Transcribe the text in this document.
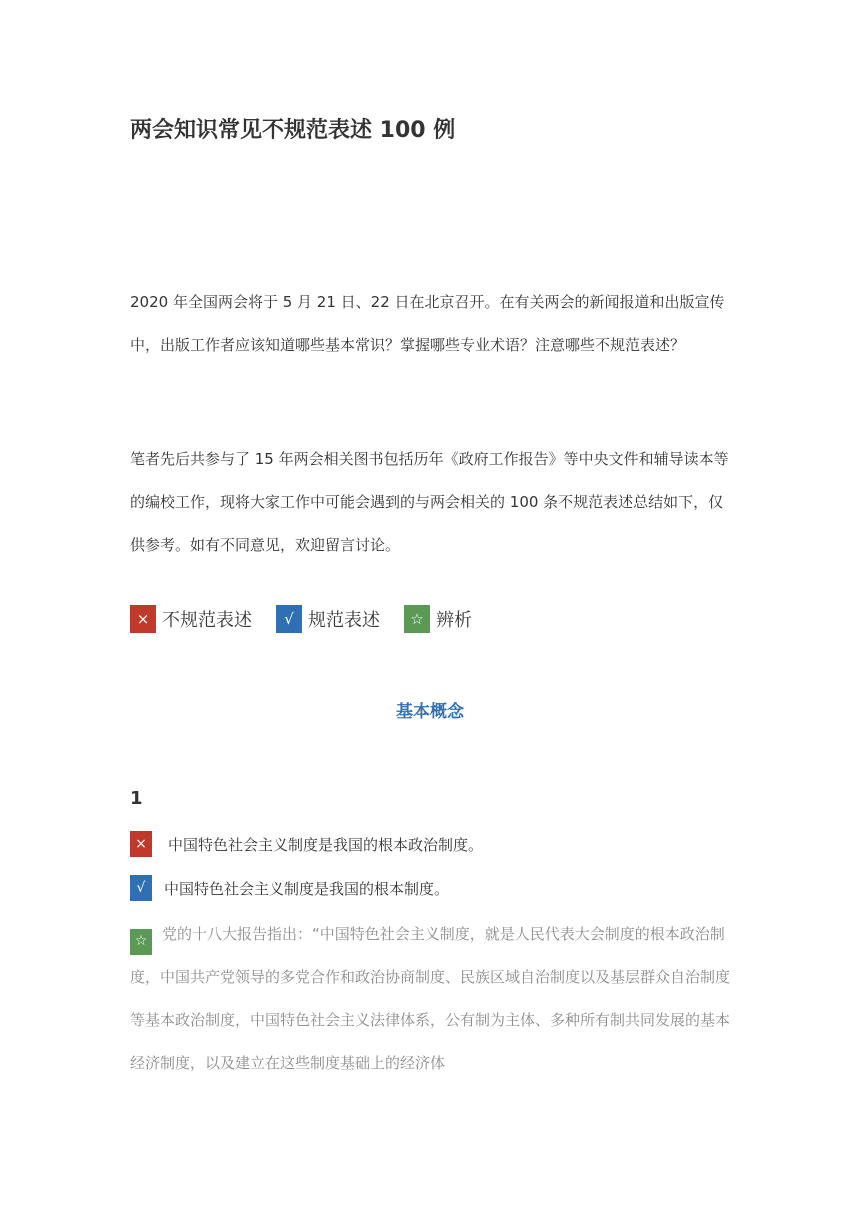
两会知识常见不规范表述 100 例

2020 年全国两会将于 5 月 21 日、22 日在北京召开。在有关两会的新闻报道和出版宣传中，出版工作者应该知道哪些基本常识？掌握哪些专业术语？注意哪些不规范表述？

笔者先后共参与了 15 年两会相关图书包括历年《政府工作报告》等中央文件和辅导读本等的编校工作，现将大家工作中可能会遇到的与两会相关的 100 条不规范表述总结如下，仅供参考。如有不同意见，欢迎留言讨论。

× 不规范表述	√ 规范表述	☆ 辨析
基本概念
1
×	中国特色社会主义制度是我国的根本政治制度。
√	中国特色社会主义制度是我国的根本制度。
☆ 党的十八大报告指出：“中国特色社会主义制度，就是人民代表大会制度的根本政治制度，中国共产党领导的多党合作和政治协商制度、民族区域自治制度以及基层群众自治制度等基本政治制度，中国特色社会主义法律体系，公有制为主体、多种所有制共同发展的基本经济制度，以及建立在这些制度基础上的经济体
